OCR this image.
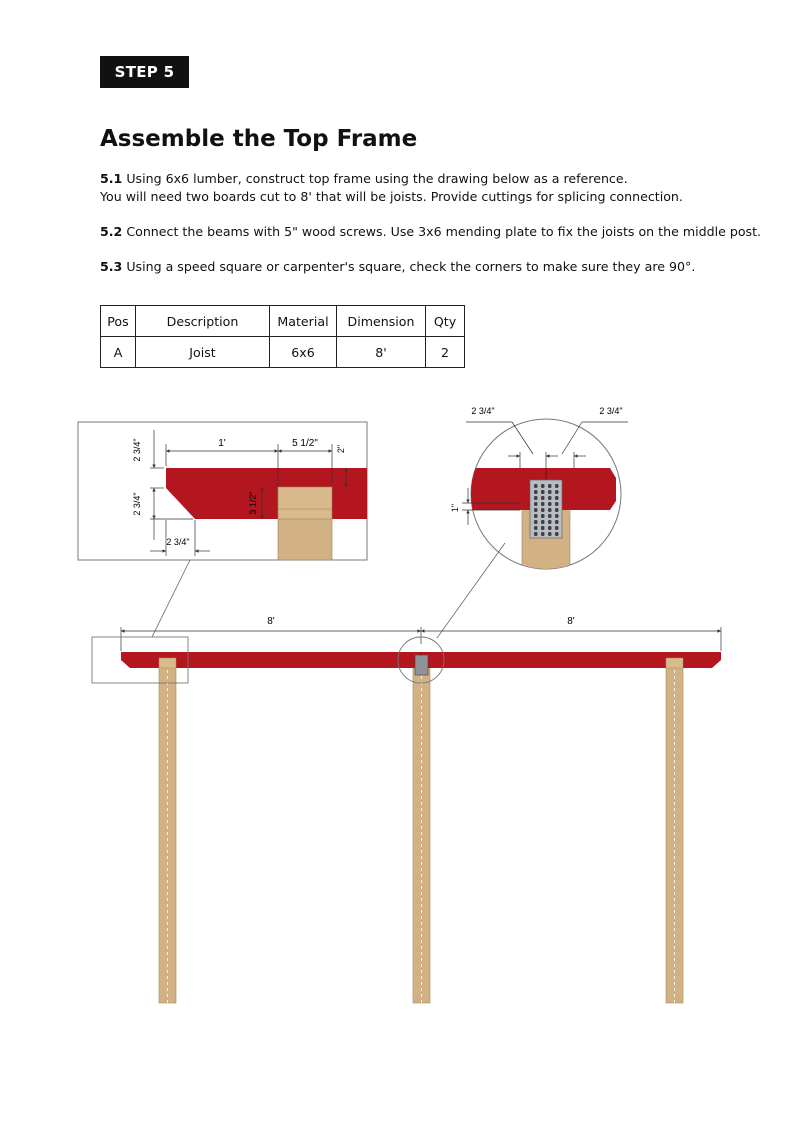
STEP 5
Assemble the Top Frame

5.1 Using 6x6 lumber, construct top frame using the drawing below as a reference.
You will need two boards cut to 8' that will be joists. Provide cuttings for splicing connection.

5.2 Connect the beams with 5" wood screws. Use 3x6 mending plate to fix the joists on the middle post.

5.3 Using a speed square or carpenter's square, check the corners to make sure they are 90°.

Pos	Description	Material	Dimension	Qty
A	Joist	6x6	8'	2
1'	5 1/2" 2"
2 3/4"
2 3/4"	3 1/2"
2 3/4"
2 3/4"	2 3/4"
1"
8'	8'
